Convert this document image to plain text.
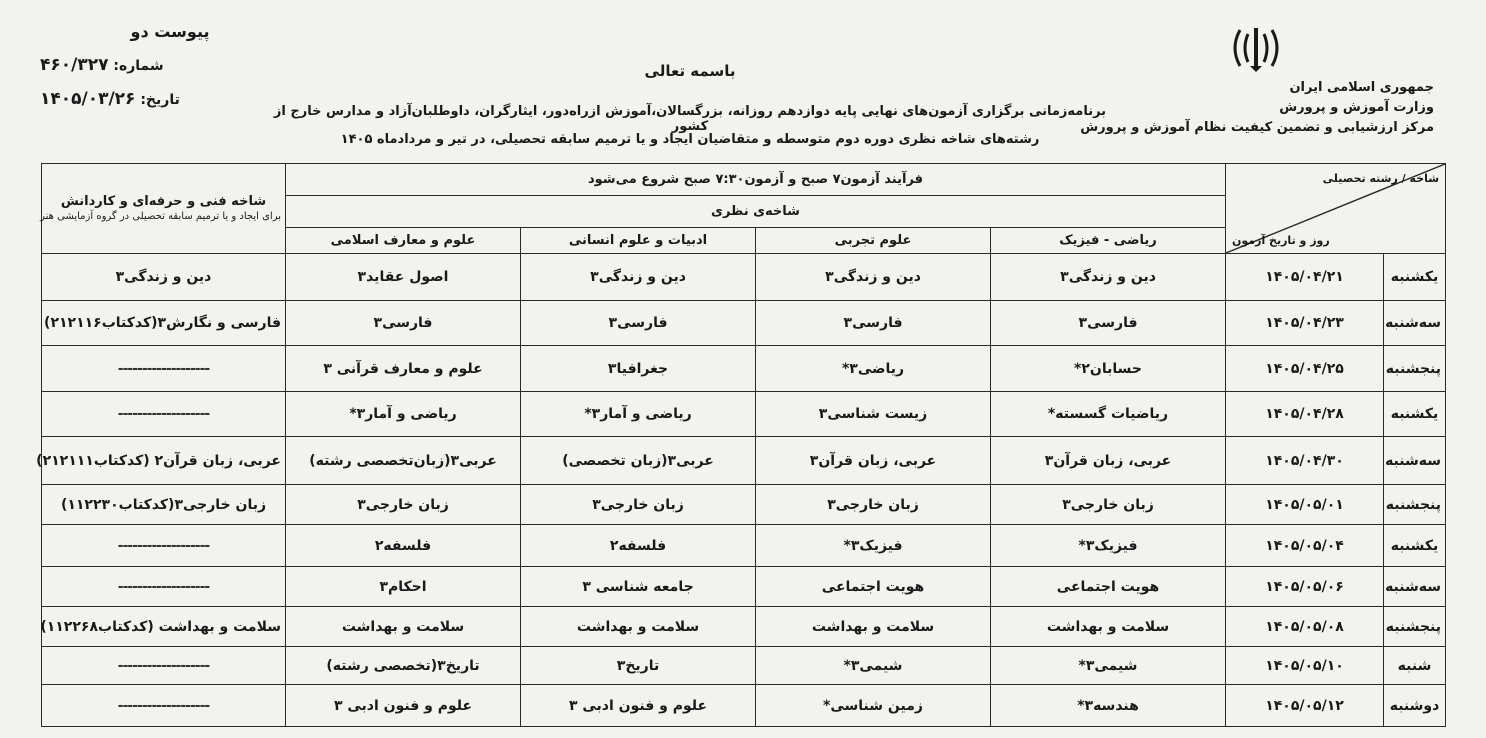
جمهوری اسلامی ایران
وزارت آموزش و پرورش
مرکز ارزشیابی و تضمین کیفیت نظام آموزش و پرورش
پیوست دو
شماره: ۴۶۰/۳۲۷
تاریخ: ۱۴۰۵/۰۳/۲۶
باسمه تعالی
برنامه‌زمانی برگزاری آزمون‌های نهایی پایه دوازدهم روزانه، بزرگسالان،آموزش ازراه‌دور، ایثارگران، داوطلبان‌آزاد و مدارس خارج از کشور
رشته‌های شاخه نظری دوره دوم متوسطه و متقاضیان ایجاد و یا ترمیم سابقه تحصیلی، در تیر و مردادماه ۱۴۰۵
شاخه / رشته تحصیلی
روز و تاریخ آزمون		فرآیند آزمون۷ صبح و آزمون۷:۳۰ صبح شروع می‌شود				شاخه فنی و حرفه‌ای و کاردانش
برای ایجاد و یا ترمیم سابقه تحصیلی در گروه آزمایشی هنر

		شاخه‌ی نظری				
		ریاضی - فیزیک	علوم تجربی	ادبیات و علوم انسانی	علوم و معارف اسلامی	
یکشنبه	۱۴۰۵/۰۴/۲۱	دین و زندگی۳	دین و زندگی۳	دین و زندگی۳	اصول عقاید۳	دین و زندگی۳
سه‌شنبه	۱۴۰۵/۰۴/۲۳	فارسی۳	فارسی۳	فارسی۳	فارسی۳	فارسی و نگارش۳(کدکتاب۲۱۲۱۱۶)
پنجشنبه	۱۴۰۵/۰۴/۲۵	حسابان۲*	ریاضی۳*	جغرافیا۳	علوم و معارف قرآنی ۳	-------------------
یکشنبه	۱۴۰۵/۰۴/۲۸	ریاضیات گسسته*	زیست شناسی۳	ریاضی و آمار۳*	ریاضی و آمار۳*	-------------------
سه‌شنبه	۱۴۰۵/۰۴/۳۰	عربی، زبان قرآن۳	عربی، زبان قرآن۳	عربی۳(زبان تخصصی)	عربی۳(زبان‌تخصصی رشته)	عربی، زبان قرآن۲ (کدکتاب۲۱۲۱۱۱)
پنجشنبه	۱۴۰۵/۰۵/۰۱	زبان خارجی۳	زبان خارجی۳	زبان خارجی۳	زبان خارجی۳	زبان خارجی۳(کدکتاب۱۱۲۲۳۰)
یکشنبه	۱۴۰۵/۰۵/۰۴	فیزیک۳*	فیزیک۳*	فلسفه۲	فلسفه۲	-------------------
سه‌شنبه	۱۴۰۵/۰۵/۰۶	هویت اجتماعی	هویت اجتماعی	جامعه شناسی ۳	احکام۳	-------------------
پنجشنبه	۱۴۰۵/۰۵/۰۸	سلامت و بهداشت	سلامت و بهداشت	سلامت و بهداشت	سلامت و بهداشت	سلامت و بهداشت (کدکتاب۱۱۲۲۶۸)
شنبه	۱۴۰۵/۰۵/۱۰	شیمی۳*	شیمی۳*	تاریخ۳	تاریخ۳(تخصصی رشته)	-------------------
دوشنبه	۱۴۰۵/۰۵/۱۲	هندسه۳*	زمین شناسی*	علوم و فنون ادبی ۳	علوم و فنون ادبی ۳	-------------------
